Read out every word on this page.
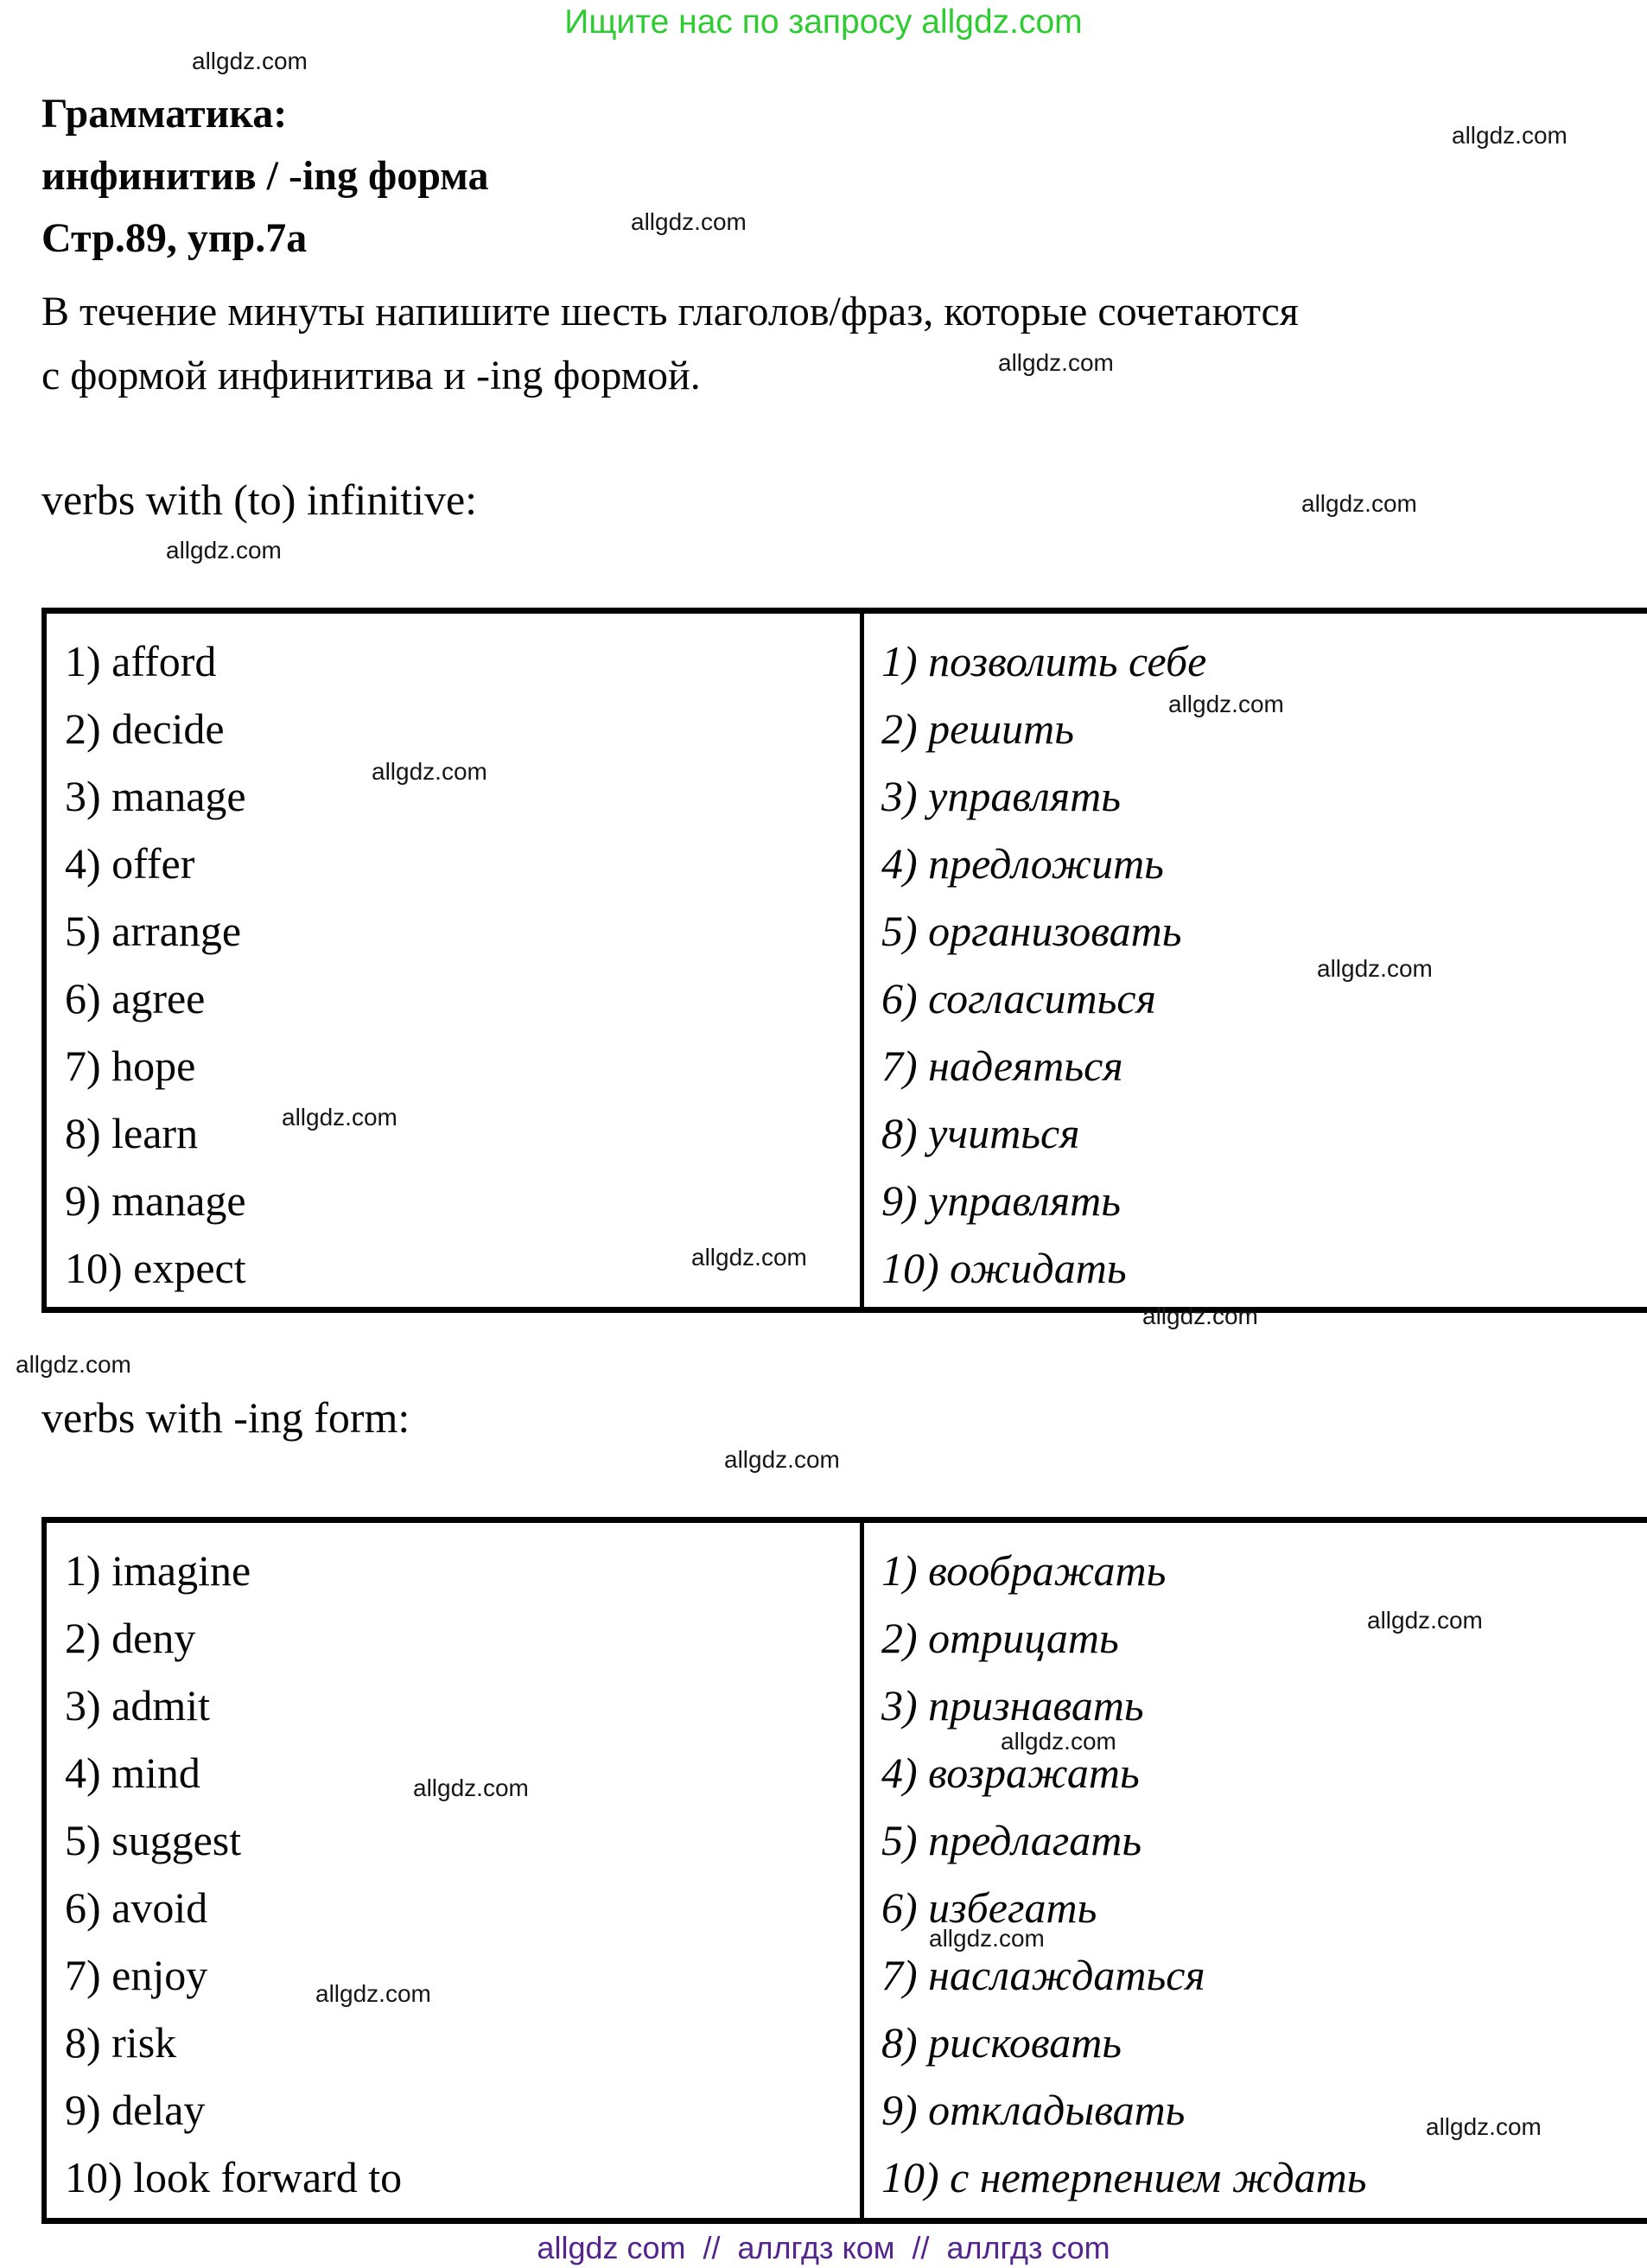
Ищите нас по запросу allgdz.com
Грамматика:
инфинитив / -ing форма
Стр.89, упр.7а
В течение минуты напишите шесть глаголов/фраз, которые сочетаются
с формой инфинитива и -ing формой.
verbs with (to) infinitive:
verbs with -ing form:
1) afford
2) decide
3) manage
4) offer
5) arrange
6) agree
7) hope
8) learn
9) manage
10) expect
1) позволить себе
2) решить
3) управлять
4) предложить
5) организовать
6) согласиться
7) надеяться
8) учиться
9) управлять
10) ожидать
1) imagine
2) deny
3) admit
4) mind
5) suggest
6) avoid
7) enjoy
8) risk
9) delay
10) look forward to
1) воображать
2) отрицать
3) признавать
4) возражать
5) предлагать
6) избегать
7) наслаждаться
8) рисковать
9) откладывать
10) с нетерпением ждать
allgdz.com
allgdz.com
allgdz.com
allgdz.com
allgdz.com
allgdz.com
allgdz.com
allgdz.com
allgdz.com
allgdz.com
allgdz.com
allgdz.com
allgdz.com
allgdz.com
allgdz.com
allgdz.com
allgdz.com
allgdz.com
allgdz.com
allgdz.com
allgdz com  //  аллгдз ком  //  аллгдз com
